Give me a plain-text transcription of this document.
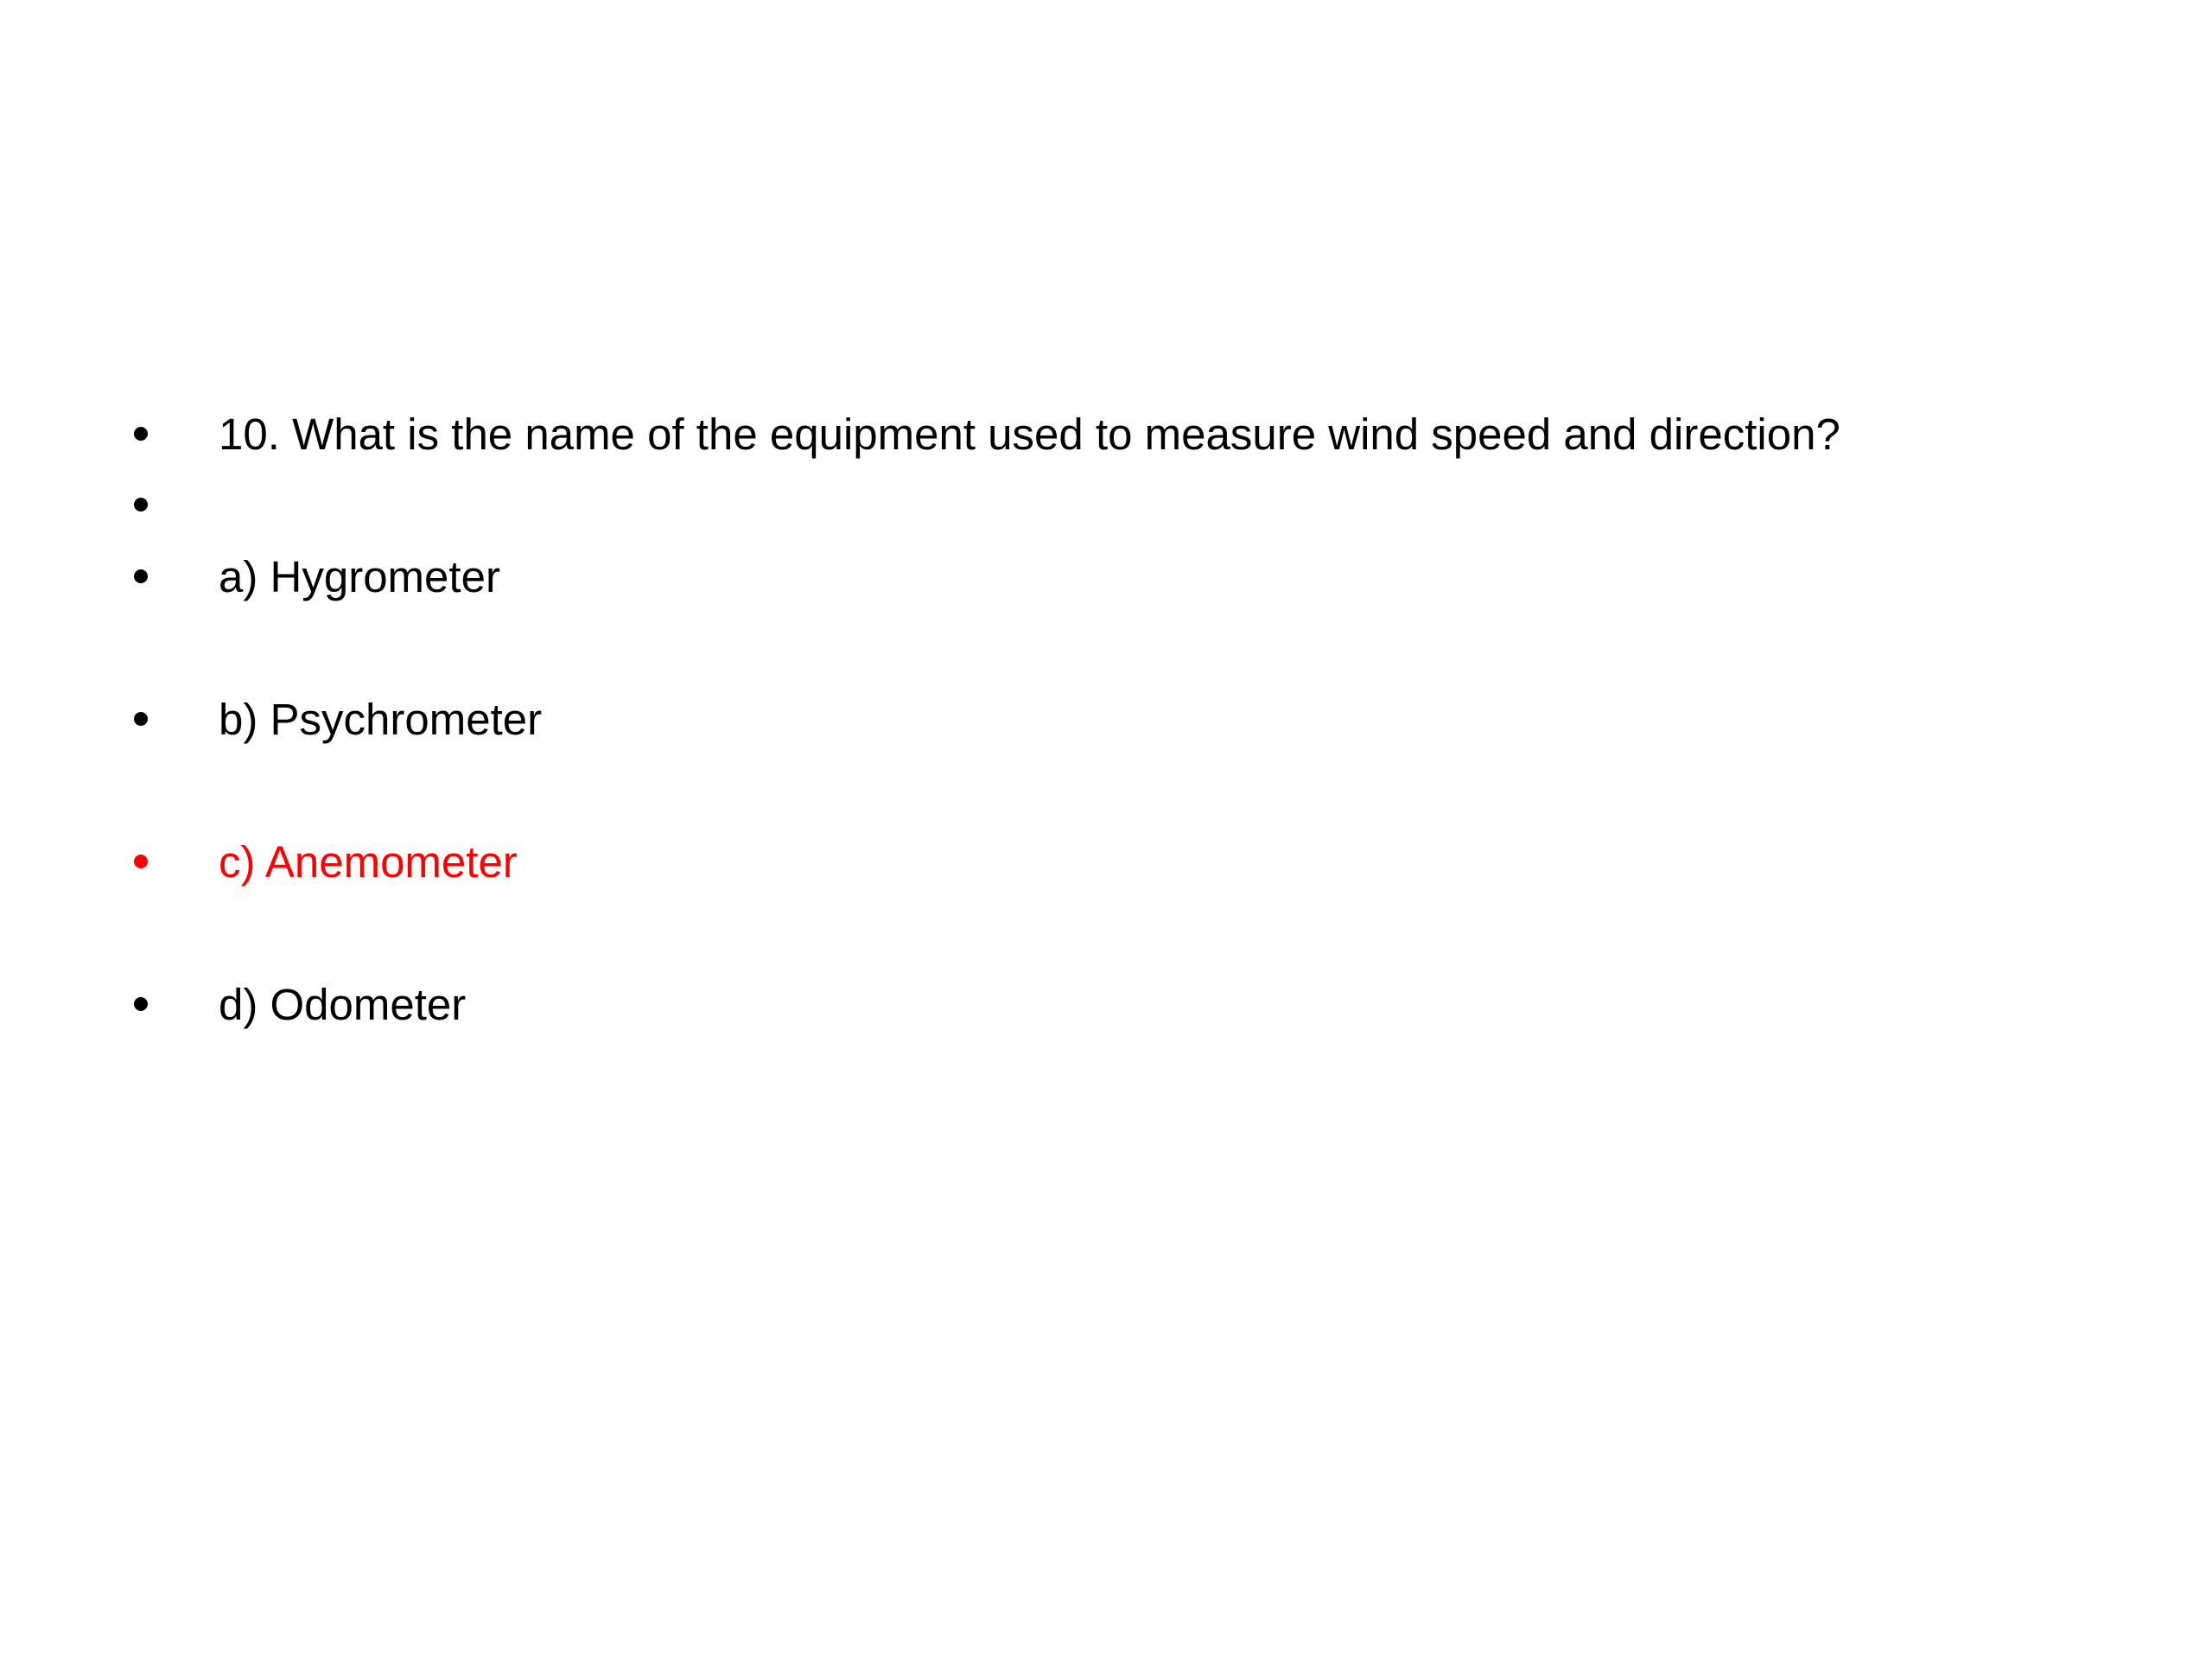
10. What is the name of the equipment used to measure wind speed and direction?
a) Hygrometer
b) Psychrometer
c) Anemometer
d) Odometer
